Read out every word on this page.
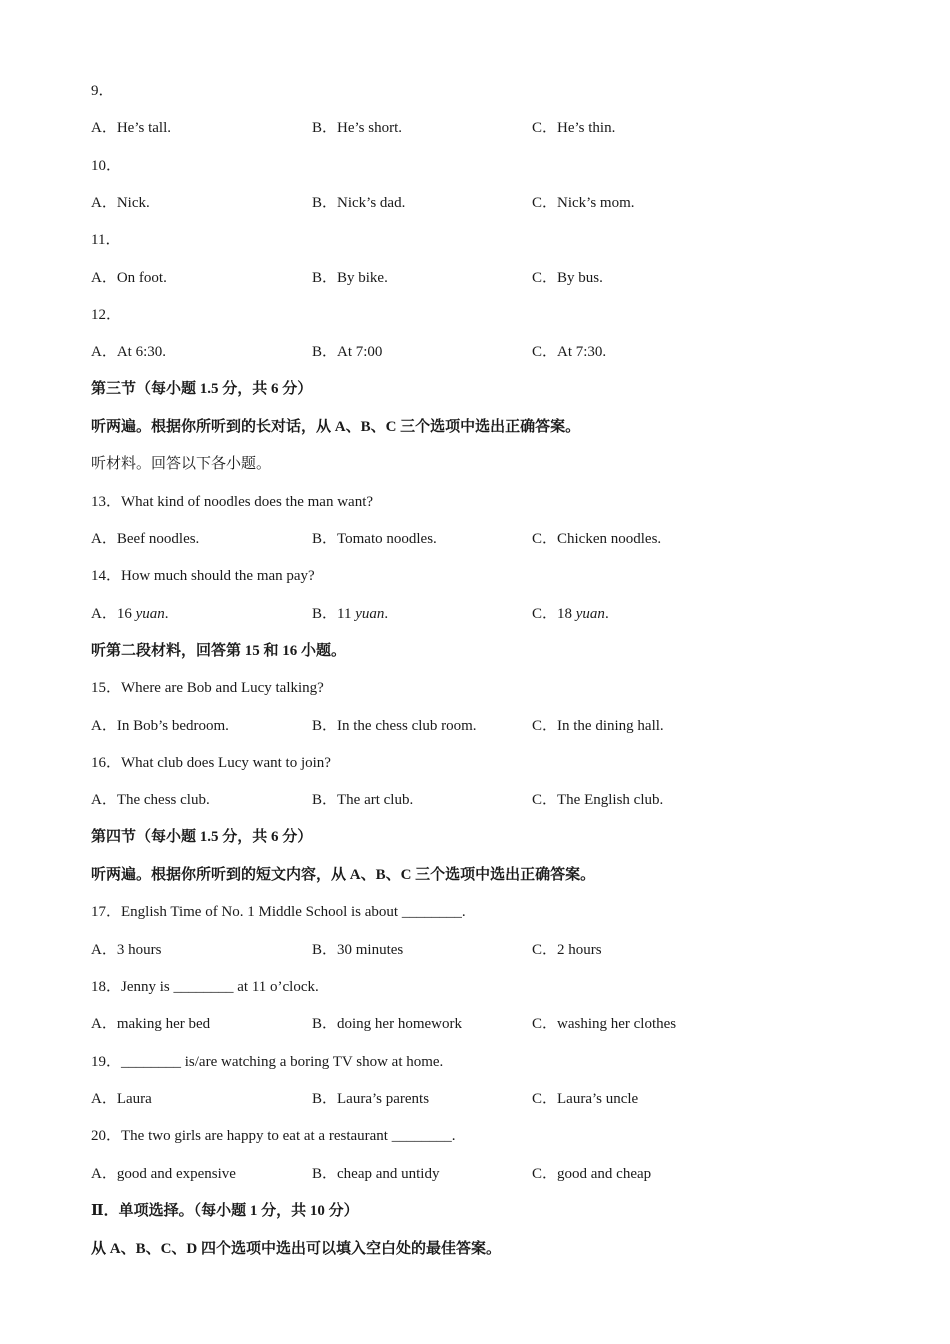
9．
A．He’s tall.	B．He’s short.	C．He’s thin.
10．
A．Nick.	B．Nick’s dad.	C．Nick’s mom.
11．
A．On foot.	B．By bike.	C．By bus.
12．
A．At 6:30.	B．At 7:00	C．At 7:30.
第三节（每小题 1.5 分，共 6 分）
听两遍。根据你所听到的长对话，从 A、B、C 三个选项中选出正确答案。
听材料。回答以下各小题。
13．What kind of noodles does the man want?
A．Beef noodles.	B．Tomato noodles.	C．Chicken noodles.
14．How much should the man pay?
A．16 yuan.	B．11 yuan.	C．18 yuan.
听第二段材料，回答第 15 和 16 小题。
15．Where are Bob and Lucy talking?
A．In Bob’s bedroom.	B．In the chess club room.	C．In the dining hall.
16．What club does Lucy want to join?
A．The chess club.	B．The art club.	C．The English club.
第四节（每小题 1.5 分，共 6 分）
听两遍。根据你所听到的短文内容，从 A、B、C 三个选项中选出正确答案。
17．English Time of No. 1 Middle School is about ________.
A．3 hours	B．30 minutes	C．2 hours
18．Jenny is ________ at 11 o’clock.
A．making her bed	B．doing her homework	C．washing her clothes
19．________ is/are watching a boring TV show at home.
A．Laura	B．Laura’s parents	C．Laura’s uncle
20．The two girls are happy to eat at a restaurant ________.
A．good and expensive	B．cheap and untidy	C．good and cheap
Ⅱ．单项选择。（每小题 1 分，共 10 分）
从 A、B、C、D 四个选项中选出可以填入空白处的最佳答案。
